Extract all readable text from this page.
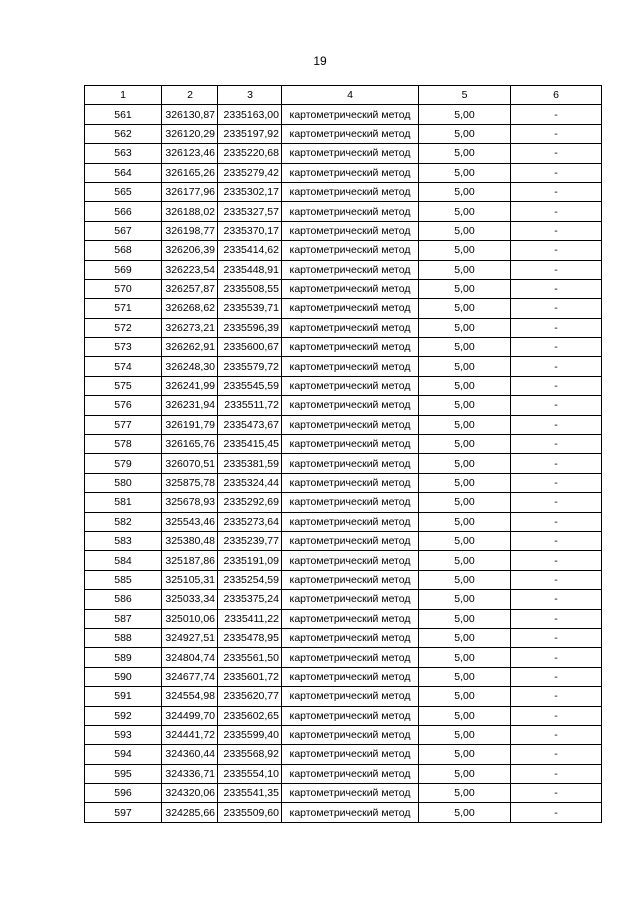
19
1	2	3	4	5	6
561	326130,87	2335163,00	картометрический метод	5,00	-
562	326120,29	2335197,92	картометрический метод	5,00	-
563	326123,46	2335220,68	картометрический метод	5,00	-
564	326165,26	2335279,42	картометрический метод	5,00	-
565	326177,96	2335302,17	картометрический метод	5,00	-
566	326188,02	2335327,57	картометрический метод	5,00	-
567	326198,77	2335370,17	картометрический метод	5,00	-
568	326206,39	2335414,62	картометрический метод	5,00	-
569	326223,54	2335448,91	картометрический метод	5,00	-
570	326257,87	2335508,55	картометрический метод	5,00	-
571	326268,62	2335539,71	картометрический метод	5,00	-
572	326273,21	2335596,39	картометрический метод	5,00	-
573	326262,91	2335600,67	картометрический метод	5,00	-
574	326248,30	2335579,72	картометрический метод	5,00	-
575	326241,99	2335545,59	картометрический метод	5,00	-
576	326231,94	2335511,72	картометрический метод	5,00	-
577	326191,79	2335473,67	картометрический метод	5,00	-
578	326165,76	2335415,45	картометрический метод	5,00	-
579	326070,51	2335381,59	картометрический метод	5,00	-
580	325875,78	2335324,44	картометрический метод	5,00	-
581	325678,93	2335292,69	картометрический метод	5,00	-
582	325543,46	2335273,64	картометрический метод	5,00	-
583	325380,48	2335239,77	картометрический метод	5,00	-
584	325187,86	2335191,09	картометрический метод	5,00	-
585	325105,31	2335254,59	картометрический метод	5,00	-
586	325033,34	2335375,24	картометрический метод	5,00	-
587	325010,06	2335411,22	картометрический метод	5,00	-
588	324927,51	2335478,95	картометрический метод	5,00	-
589	324804,74	2335561,50	картометрический метод	5,00	-
590	324677,74	2335601,72	картометрический метод	5,00	-
591	324554,98	2335620,77	картометрический метод	5,00	-
592	324499,70	2335602,65	картометрический метод	5,00	-
593	324441,72	2335599,40	картометрический метод	5,00	-
594	324360,44	2335568,92	картометрический метод	5,00	-
595	324336,71	2335554,10	картометрический метод	5,00	-
596	324320,06	2335541,35	картометрический метод	5,00	-
597	324285,66	2335509,60	картометрический метод	5,00	-
